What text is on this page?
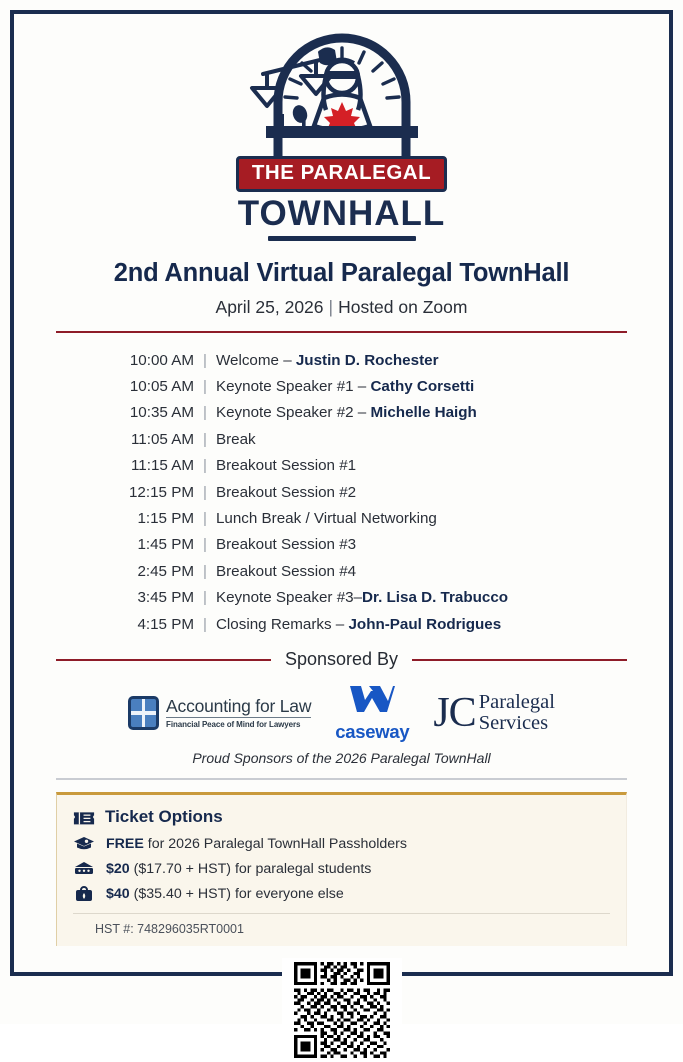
THE PARALEGAL
TOWNHALL
2nd Annual Virtual Paralegal TownHall
April 25, 2026 | Hosted on Zoom
10:00 AM | Welcome – Justin D. Rochester
10:05 AM | Keynote Speaker #1 – Cathy Corsetti
10:35 AM | Keynote Speaker #2 – Michelle Haigh
11:05 AM | Break
11:15 AM | Breakout Session #1
12:15 PM | Breakout Session #2
1:15 PM | Lunch Break / Virtual Networking
1:45 PM | Breakout Session #3
2:45 PM | Breakout Session #4
3:45 PM | Keynote Speaker #3–Dr. Lisa D. Trabucco
4:15 PM | Closing Remarks – John-Paul Rodrigues
Sponsored By
Accounting for Law
Financial Peace of Mind for Lawyers	caseway JC Paralegal
Services
Proud Sponsors of the 2026 Paralegal TownHall
Ticket Options
FREE for 2026 Paralegal TownHall Passholders
$20 ($17.70 + HST) for paralegal students
$40 ($35.40 + HST) for everyone else
HST #: 748296035RT0001
